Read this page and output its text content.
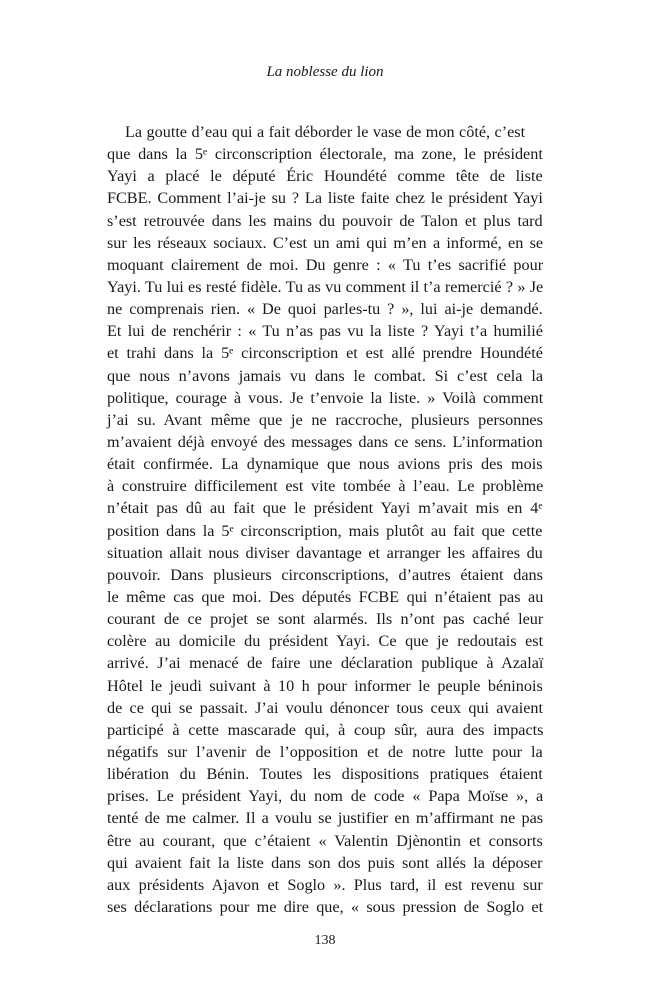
La noblesse du lion
La goutte d’eau qui a fait déborder le vase de mon côté, c’est
que dans la 5ᵉ circonscription électorale, ma zone, le président
Yayi a placé le député Éric Houndété comme tête de liste
FCBE. Comment l’ai-je su ? La liste faite chez le président Yayi
s’est retrouvée dans les mains du pouvoir de Talon et plus tard
sur les réseaux sociaux. C’est un ami qui m’en a informé, en se
moquant clairement de moi. Du genre : « Tu t’es sacrifié pour
Yayi. Tu lui es resté fidèle. Tu as vu comment il t’a remercié ? » Je
ne comprenais rien. « De quoi parles-tu ? », lui ai-je demandé.
Et lui de renchérir : « Tu n’as pas vu la liste ? Yayi t’a humilié
et trahi dans la 5ᵉ circonscription et est allé prendre Houndété
que nous n’avons jamais vu dans le combat. Si c’est cela la
politique, courage à vous. Je t’envoie la liste. » Voilà comment
j’ai su. Avant même que je ne raccroche, plusieurs personnes
m’avaient déjà envoyé des messages dans ce sens. L’information
était confirmée. La dynamique que nous avions pris des mois
à construire difficilement est vite tombée à l’eau. Le problème
n’était pas dû au fait que le président Yayi m’avait mis en 4ᵉ
position dans la 5ᵉ circonscription, mais plutôt au fait que cette
situation allait nous diviser davantage et arranger les affaires du
pouvoir. Dans plusieurs circonscriptions, d’autres étaient dans
le même cas que moi. Des députés FCBE qui n’étaient pas au
courant de ce projet se sont alarmés. Ils n’ont pas caché leur
colère au domicile du président Yayi. Ce que je redoutais est
arrivé. J’ai menacé de faire une déclaration publique à Azalaï
Hôtel le jeudi suivant à 10 h pour informer le peuple béninois
de ce qui se passait. J’ai voulu dénoncer tous ceux qui avaient
participé à cette mascarade qui, à coup sûr, aura des impacts
négatifs sur l’avenir de l’opposition et de notre lutte pour la
libération du Bénin. Toutes les dispositions pratiques étaient
prises. Le président Yayi, du nom de code « Papa Moïse », a
tenté de me calmer. Il a voulu se justifier en m’affirmant ne pas
être au courant, que c’étaient « Valentin Djènontin et consorts
qui avaient fait la liste dans son dos puis sont allés la déposer
aux présidents Ajavon et Soglo ». Plus tard, il est revenu sur
ses déclarations pour me dire que, « sous pression de Soglo et
138
